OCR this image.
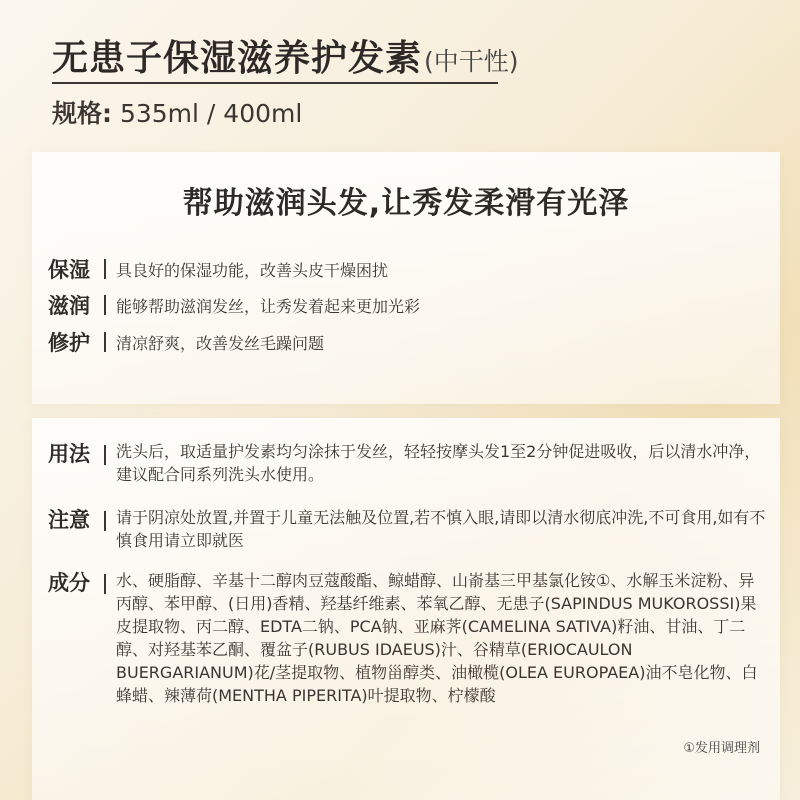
无患子保湿滋养护发素 (中干性)
规格: 535ml / 400ml
帮助滋润头发,让秀发柔滑有光泽
保湿	具良好的保湿功能，改善头皮干燥困扰
滋润	能够帮助滋润发丝，让秀发着起来更加光彩
修护	清凉舒爽，改善发丝毛躁问题
用法	洗头后，取适量护发素均匀涂抹于发丝，轻轻按摩头发1至2分钟促进吸收，后以清水冲净，建议配合同系列洗头水使用。
注意	请于阴凉处放置,并置于儿童无法触及位置,若不慎入眼,请即以清水彻底冲洗,不可食用,如有不慎食用请立即就医
成分	水、硬脂醇、辛基十二醇肉豆蔻酸酯、鲸蜡醇、山嵛基三甲基氯化铵①、水解玉米淀粉、异丙醇、苯甲醇、(日用)香精、羟基纤维素、苯氧乙醇、无患子(SAPINDUS MUKOROSSI)果皮提取物、丙二醇、EDTA二钠、PCA钠、亚麻荠(CAMELINA SATIVA)籽油、甘油、丁二醇、对羟基苯乙酮、覆盆子(RUBUS IDAEUS)汁、谷精草(ERIOCAULON BUERGARIANUM)花/茎提取物、植物甾醇类、油橄榄(OLEA EUROPAEA)油不皂化物、白蜂蜡、辣薄荷(MENTHA PIPERITA)叶提取物、柠檬酸
①发用调理剂
